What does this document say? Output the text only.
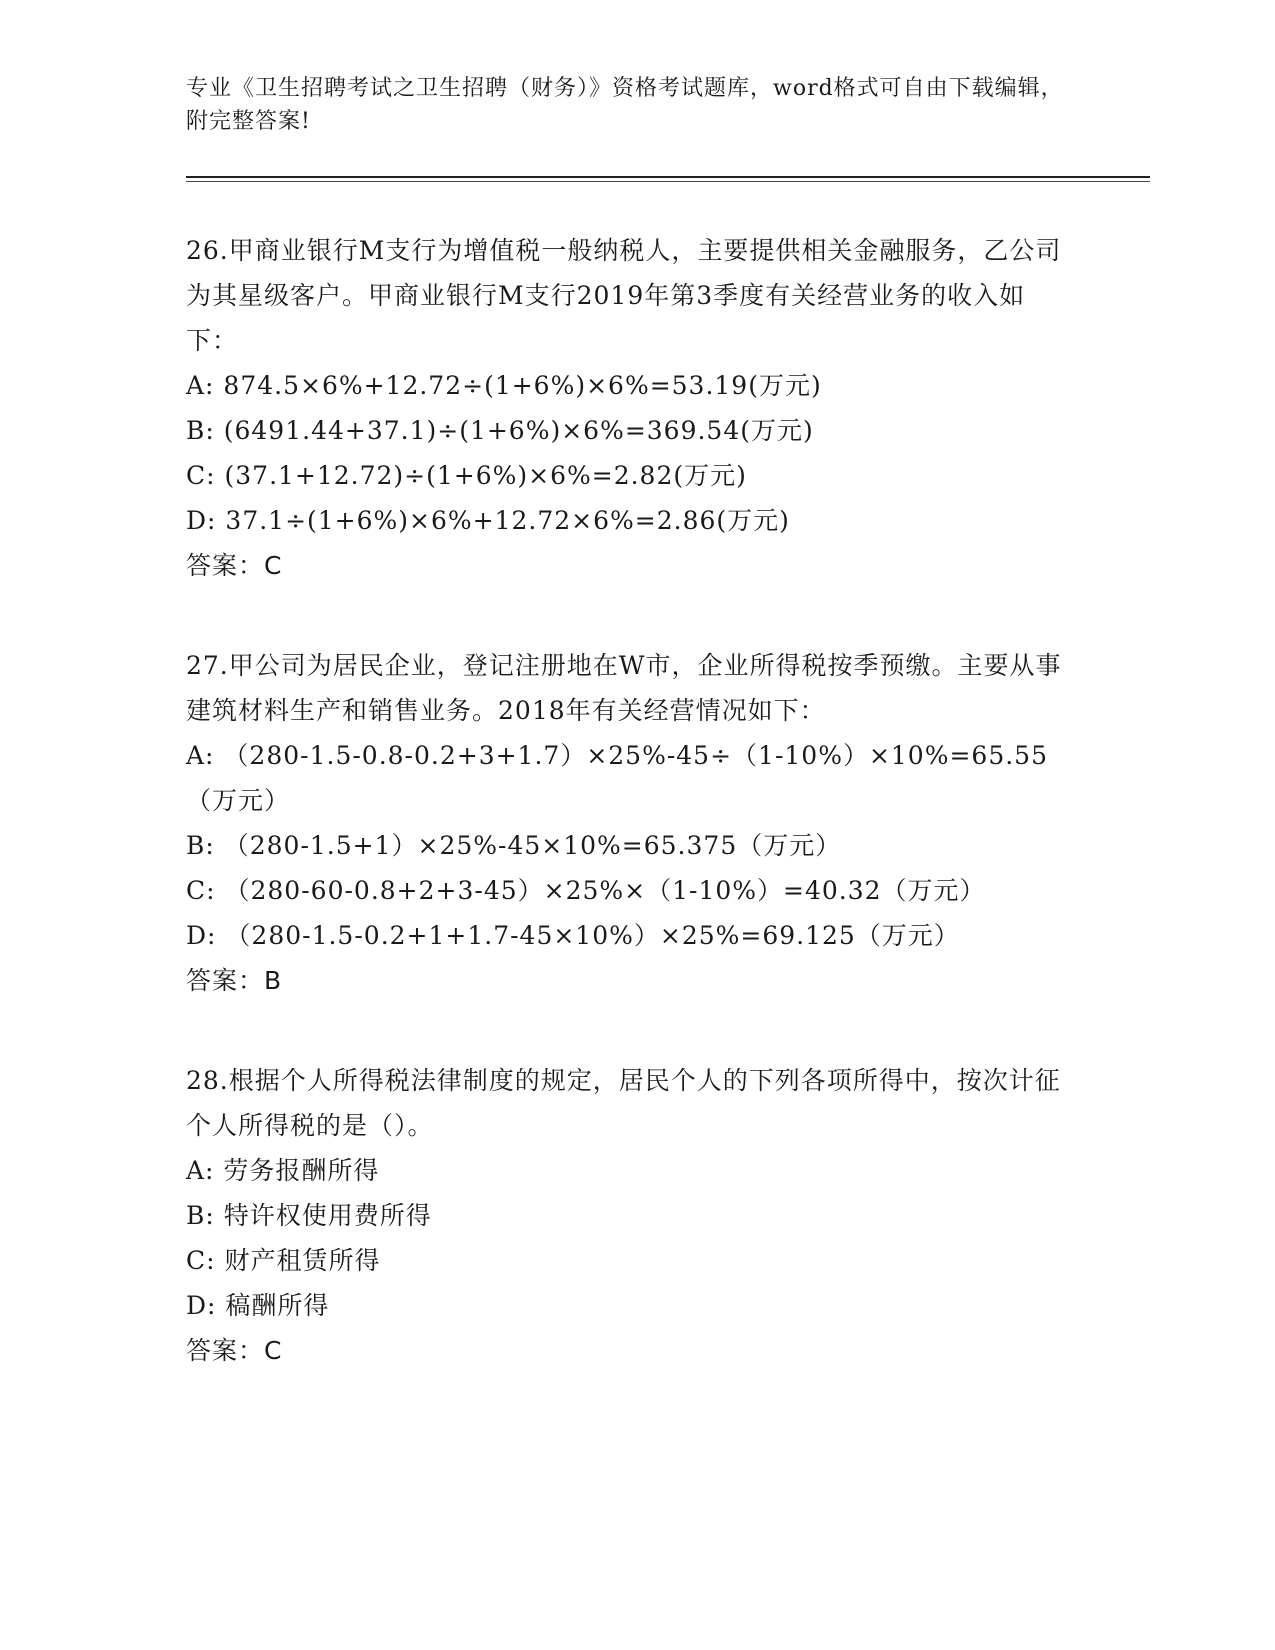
专业《卫生招聘考试之卫生招聘（财务）》资格考试题库，word格式可自由下载编辑，附完整答案!

26.甲商业银行M支行为增值税一般纳税人，主要提供相关金融服务，乙公司为其星级客户。甲商业银行M支行2019年第3季度有关经营业务的收入如下：

A: 874.5×6%+12.72÷(1+6%)×6%=53.19(万元)

B: (6491.44+37.1)÷(1+6%)×6%=369.54(万元)

C: (37.1+12.72)÷(1+6%)×6%=2.82(万元)

D: 37.1÷(1+6%)×6%+12.72×6%=2.86(万元)

答案：C

27.甲公司为居民企业，登记注册地在W市，企业所得税按季预缴。主要从事建筑材料生产和销售业务。2018年有关经营情况如下：

A: （280-1.5-0.8-0.2+3+1.7）×25%-45÷（1-10%）×10%=65.55（万元）

B: （280-1.5+1）×25%-45×10%=65.375（万元）

C: （280-60-0.8+2+3-45）×25%×（1-10%）=40.32（万元）

D: （280-1.5-0.2+1+1.7-45×10%）×25%=69.125（万元）

答案：B

28.根据个人所得税法律制度的规定，居民个人的下列各项所得中，按次计征个人所得税的是（）。

A: 劳务报酬所得

B: 特许权使用费所得

C: 财产租赁所得

D: 稿酬所得

答案：C
